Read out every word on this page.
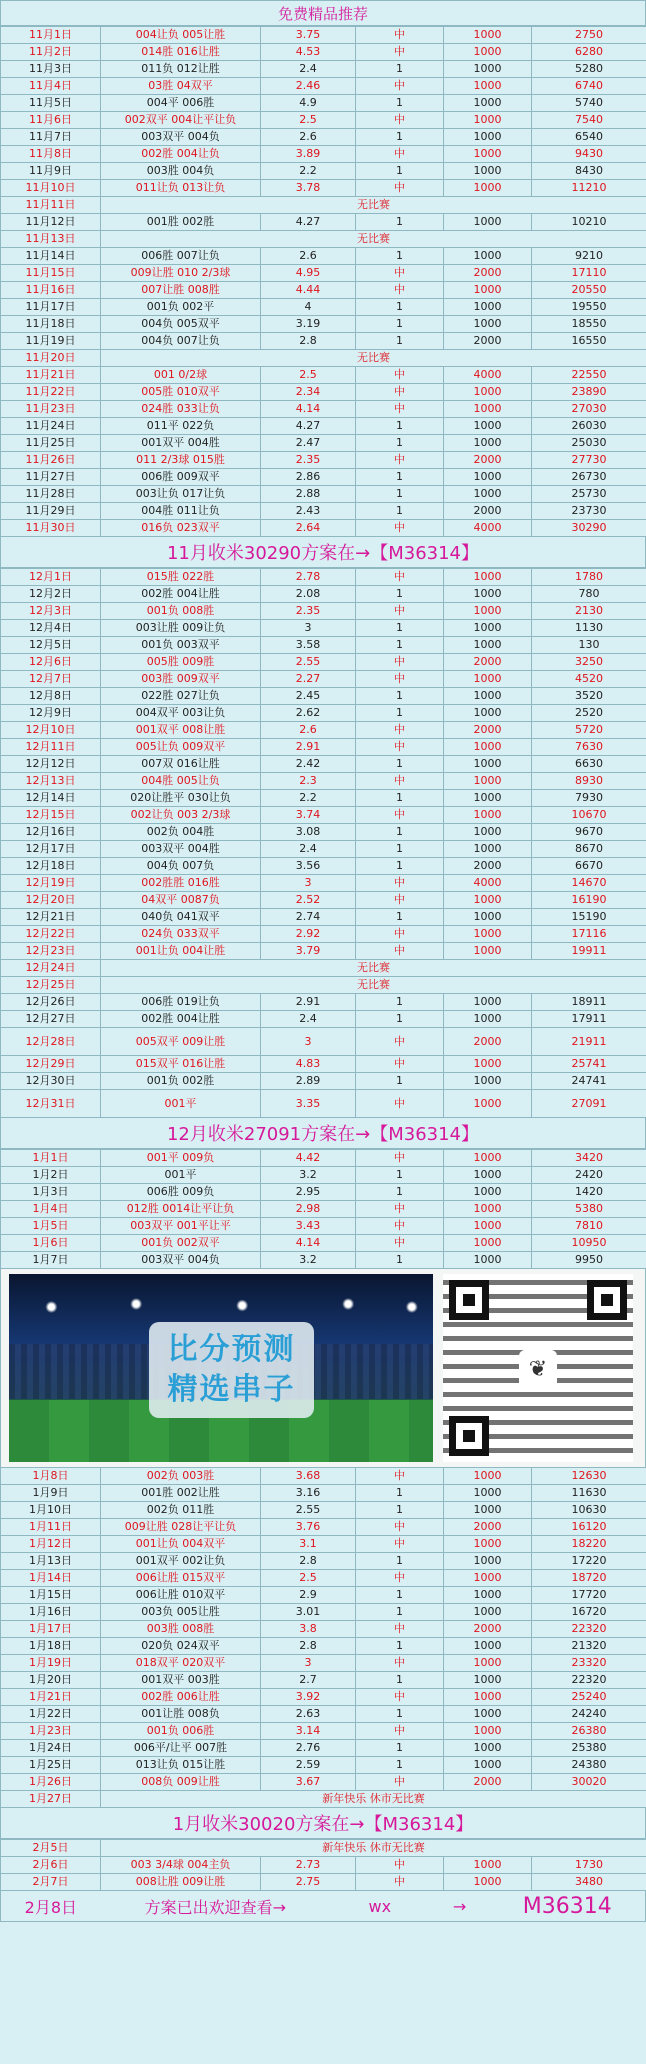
免费精品推荐
11月1日	004让负 005让胜	3.75	中	1000	2750
11月2日	014胜 016让胜	4.53	中	1000	6280
11月3日	011负 012让胜	2.4	1	1000	5280
11月4日	03胜 04双平	2.46	中	1000	6740
11月5日	004平 006胜	4.9	1	1000	5740
11月6日	002双平 004让平让负	2.5	中	1000	7540
11月7日	003双平 004负	2.6	1	1000	6540
11月8日	002胜 004让负	3.89	中	1000	9430
11月9日	003胜 004负	2.2	1	1000	8430
11月10日	011让负 013让负	3.78	中	1000	11210
11月11日	无比赛				
11月12日	001胜 002胜	4.27	1	1000	10210
11月13日	无比赛				
11月14日	006胜 007让负	2.6	1	1000	9210
11月15日	009让胜 010 2/3球	4.95	中	2000	17110
11月16日	007让胜 008胜	4.44	中	1000	20550
11月17日	001负 002平	4	1	1000	19550
11月18日	004负 005双平	3.19	1	1000	18550
11月19日	004负 007让负	2.8	1	2000	16550
11月20日	无比赛				
11月21日	001 0/2球	2.5	中	4000	22550
11月22日	005胜 010双平	2.34	中	1000	23890
11月23日	024胜 033让负	4.14	中	1000	27030
11月24日	011平 022负	4.27	1	1000	26030
11月25日	001双平 004胜	2.47	1	1000	25030
11月26日	011 2/3球 015胜	2.35	中	2000	27730
11月27日	006胜 009双平	2.86	1	1000	26730
11月28日	003让负 017让负	2.88	1	1000	25730
11月29日	004胜 011让负	2.43	1	2000	23730
11月30日	016负 023双平	2.64	中	4000	30290
11月收米30290方案在→【M36314】
12月1日	015胜 022胜	2.78	中	1000	1780
12月2日	002胜 004让胜	2.08	1	1000	780
12月3日	001负 008胜	2.35	中	1000	2130
12月4日	003让胜 009让负	3	1	1000	1130
12月5日	001负 003双平	3.58	1	1000	130
12月6日	005胜 009胜	2.55	中	2000	3250
12月7日	003胜 009双平	2.27	中	1000	4520
12月8日	022胜 027让负	2.45	1	1000	3520
12月9日	004双平 003让负	2.62	1	1000	2520
12月10日	001双平 008让胜	2.6	中	2000	5720
12月11日	005让负 009双平	2.91	中	1000	7630
12月12日	007双 016让胜	2.42	1	1000	6630
12月13日	004胜 005让负	2.3	中	1000	8930
12月14日	020让胜平 030让负	2.2	1	1000	7930
12月15日	002让负 003 2/3球	3.74	中	1000	10670
12月16日	002负 004胜	3.08	1	1000	9670
12月17日	003双平 004胜	2.4	1	1000	8670
12月18日	004负 007负	3.56	1	2000	6670
12月19日	002胜胜 016胜	3	中	4000	14670
12月20日	04双平 0087负	2.52	中	1000	16190
12月21日	040负 041双平	2.74	1	1000	15190
12月22日	024负 033双平	2.92	中	1000	17116
12月23日	001让负 004让胜	3.79	中	1000	19911
12月24日	无比赛				
12月25日	无比赛				
12月26日	006胜 019让负	2.91	1	1000	18911
12月27日	002胜 004让胜	2.4	1	1000	17911
12月28日	005双平 009让胜	3	中	2000	21911
12月29日	015双平 016让胜	4.83	中	1000	25741
12月30日	001负 002胜	2.89	1	1000	24741
12月31日	001平	3.35	中	1000	27091
12月收米27091方案在→【M36314】
1月1日	001平 009负	4.42	中	1000	3420
1月2日	001平	3.2	1	1000	2420
1月3日	006胜 009负	2.95	1	1000	1420
1月4日	012胜 0014让平让负	2.98	中	1000	5380
1月5日	003双平 001平让平	3.43	中	1000	7810
1月6日	001负 002双平	4.14	中	1000	10950
1月7日	003双平 004负	3.2	1	1000	9950
比分预测
精选串子
❦
1月8日	002负 003胜	3.68	中	1000	12630
1月9日	001胜 002让胜	3.16	1	1000	11630
1月10日	002负 011胜	2.55	1	1000	10630
1月11日	009让胜 028让平让负	3.76	中	2000	16120
1月12日	001让负 004双平	3.1	中	1000	18220
1月13日	001双平 002让负	2.8	1	1000	17220
1月14日	006让胜 015双平	2.5	中	1000	18720
1月15日	006让胜 010双平	2.9	1	1000	17720
1月16日	003负 005让胜	3.01	1	1000	16720
1月17日	003胜 008胜	3.8	中	2000	22320
1月18日	020负 024双平	2.8	1	1000	21320
1月19日	018双平 020双平	3	中	1000	23320
1月20日	001双平 003胜	2.7	1	1000	22320
1月21日	002胜 006让胜	3.92	中	1000	25240
1月22日	001让胜 008负	2.63	1	1000	24240
1月23日	001负 006胜	3.14	中	1000	26380
1月24日	006平/让平 007胜	2.76	1	1000	25380
1月25日	013让负 015让胜	2.59	1	1000	24380
1月26日	008负 009让胜	3.67	中	2000	30020
1月27日	新年快乐 休市无比赛				
1月收米30020方案在→【M36314】
2月5日	新年快乐 休市无比赛				
2月6日	003 3/4球 004主负	2.73	中	1000	1730
2月7日	008让胜 009让胜	2.75	中	1000	3480
2月8日	方案已出欢迎查看→	wx	→	M36314
